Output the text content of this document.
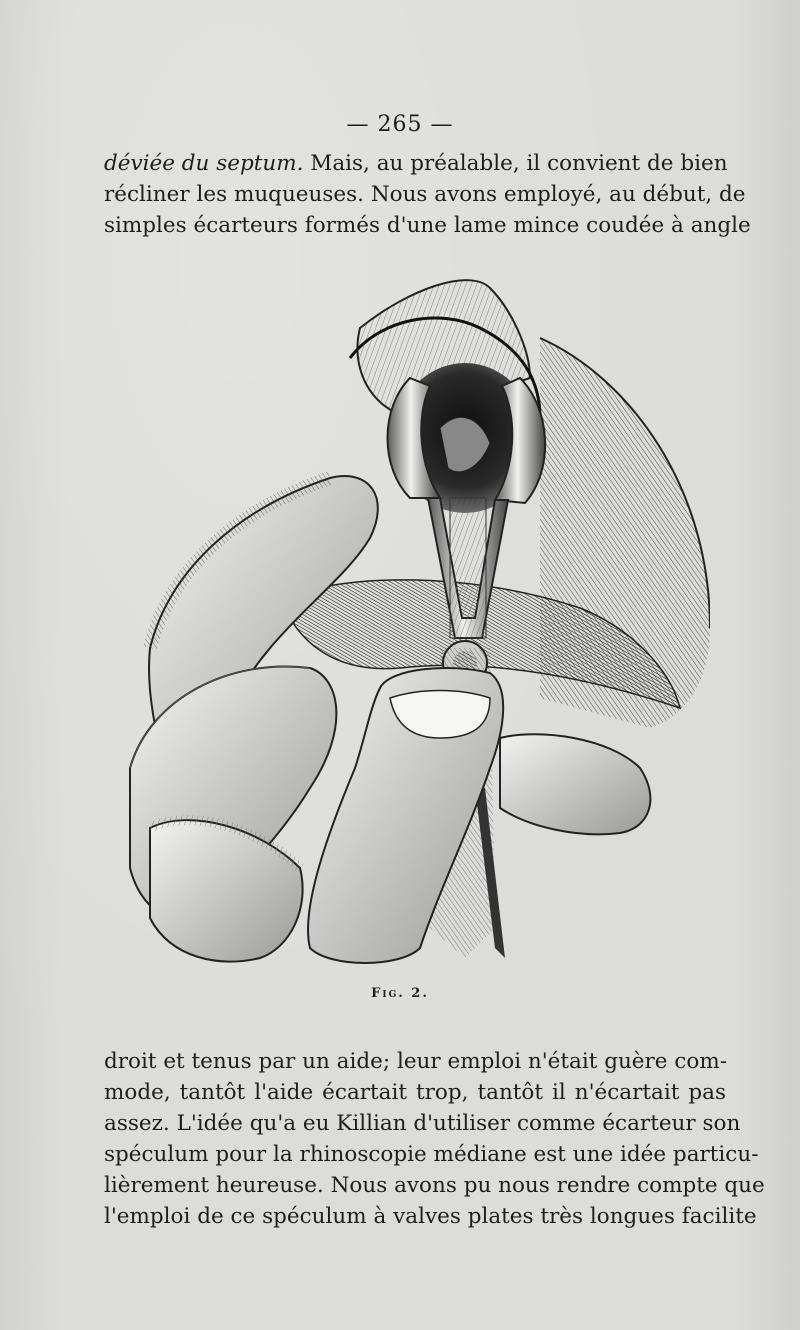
— 265 —
déviée du septum. Mais, au préalable, il convient de bien
récliner les muqueuses. Nous avons employé, au début, de
simples écarteurs formés d'une lame mince coudée à angle
Fig. 2.
droit et tenus par un aide; leur emploi n'était guère com-
mode, tantôt l'aide écartait trop, tantôt il n'écartait pas
assez. L'idée qu'a eu Killian d'utiliser comme écarteur son
spéculum pour la rhinoscopie médiane est une idée particu-
lièrement heureuse. Nous avons pu nous rendre compte que
l'emploi de ce spéculum à valves plates très longues facilite
